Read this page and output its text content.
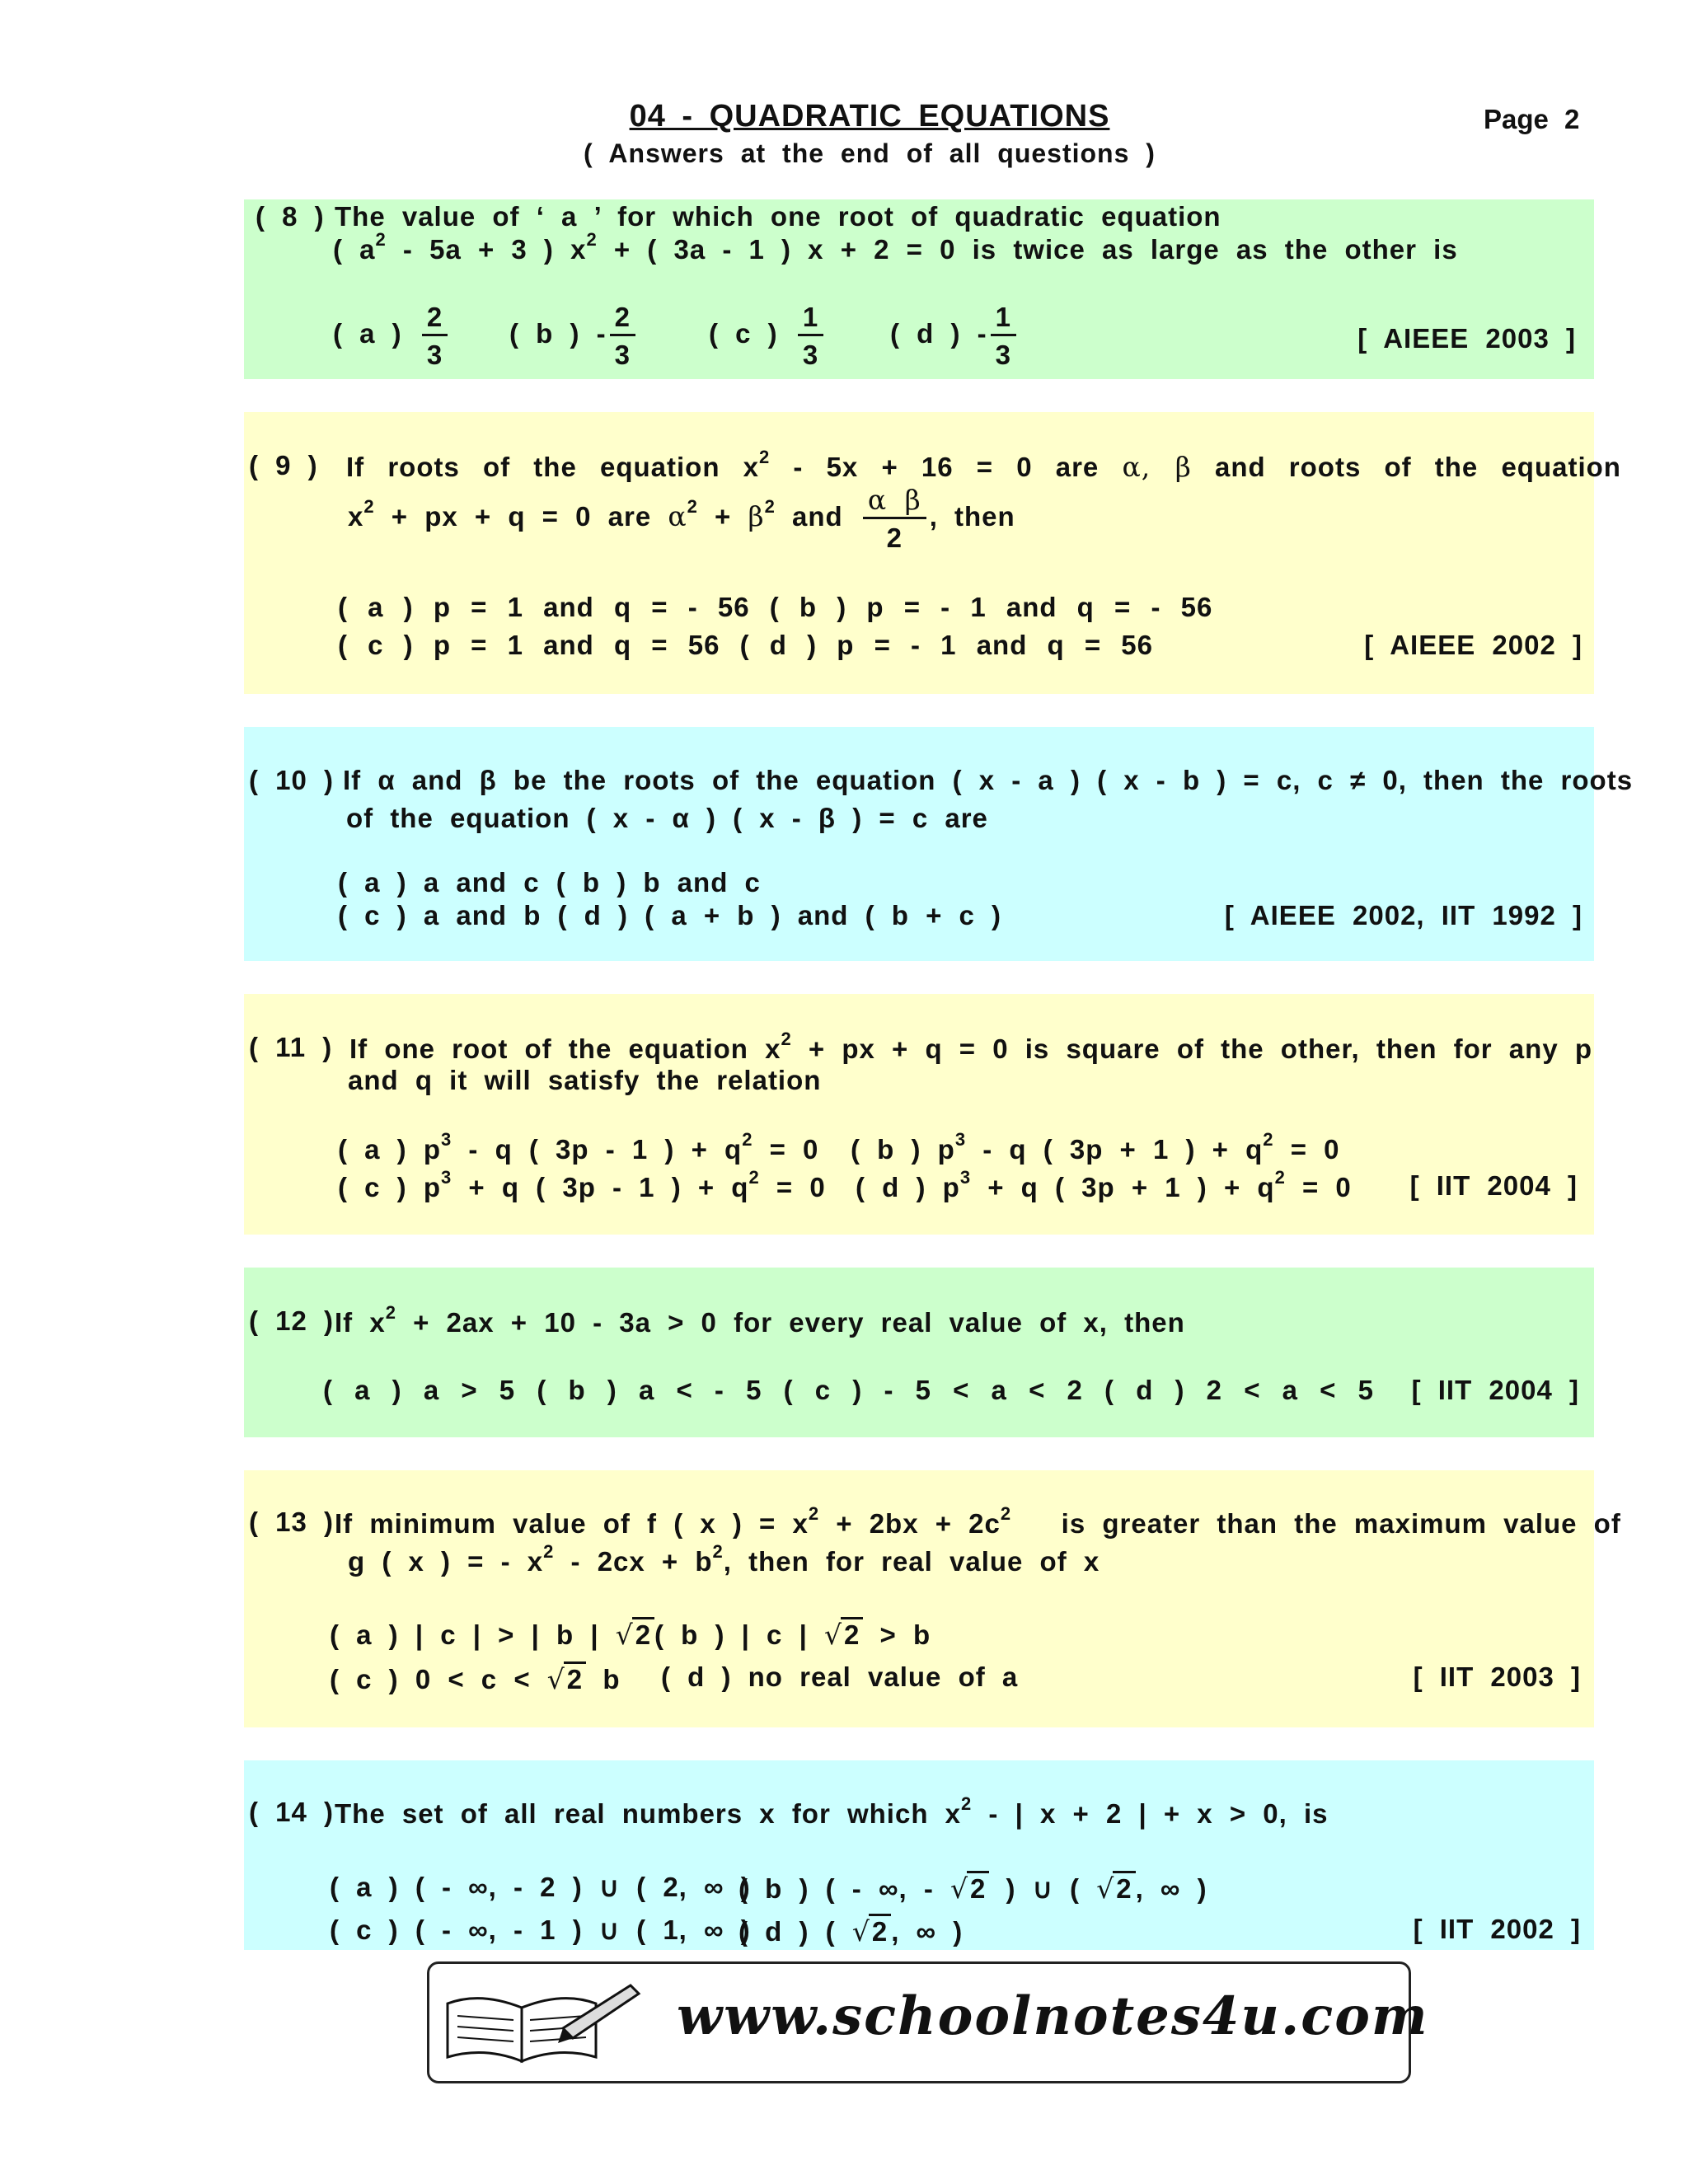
04 - QUADRATIC EQUATIONS
( Answers at the end of all questions )
Page 2
( 8 ) The value of ‘ a ’ for which one root of quadratic equation
( $a^2 - 5a + 3$ ) $x^2$ + ( 3a - 1 ) x + 2 = 0 is twice as large as the other is
( a ) $\frac{2}{3}$ ( b ) - $\frac{2}{3}$	( c ) $\frac{1}{3}$ ( d ) - $\frac{1}{3}$	[ AIEEE 2003 ]
( 9 ) If roots of the equation $x^2 - 5x + 16 = 0$ are α, β and roots of the equation
$x^2$ + px + q = 0 are $\alpha^2 + \beta^2$ and $\frac{\text{α β}}{2}$ , then
( a ) p = 1 and q = - 56 ( b ) p = - 1 and q = - 56
( c ) p = 1 and q = 56 ( d ) p = - 1 and q = 56	[ AIEEE 2002 ]
( 10 ) If α and β be the roots of the equation ( x - a ) ( x - b ) = c, c ≠ 0, then the roots
of the equation ( x - α ) ( x - β ) = c are
( a ) a and c ( b ) b and c
( c ) a and b ( d ) ( a + b ) and ( b + c )	[ AIEEE 2002, IIT 1992 ]
( 11 ) If one root of the equation $x^2$ + px + q = 0 is square of the other, then for any p
and q it will satisfy the relation
( a ) $p^3$ - q ( 3p - 1 ) + $q^2 = 0$ ( b ) $p^3$ - q ( 3p + 1 ) + $q^2 = 0$
( c ) $p^3 + q$ ( 3p - 1 ) + $q^2 = 0$ ( d ) $p^3 + q$ ( 3p + 1 ) + $q^2 = 0$ [ IIT 2004 ]
( 12 ) If $x^2 + 2ax + 10 - 3a > 0$ for every real value of x, then
( a ) a > 5 ( b ) a < - 5 ( c ) - 5 < a < 2 ( d ) 2 < a < 5 [ IIT 2004 ]
( 13 ) If minimum value of f ( x ) = $x^2 + 2bx + 2c^2$   is greater than the maximum value of
g ( x ) = - $x^2 - 2cx + b^2$, then for real value of x
( a ) | c | > | b | √2 ( b ) | c | √2 > b
( c ) 0 < c < √2 b ( d ) no real value of a	[ IIT 2003 ]
( 14 ) The set of all real numbers x for which $x^2$ - | x + 2 | + x > 0, is
( a ) ( - ∞, - 2 ) ∪ ( 2, ∞ )
( b ) ( - ∞, - √2 ) ∪ ( √2 , ∞ )
( c ) ( - ∞, - 1 ) ∪ ( 1, ∞ )
( d ) ( √2 , ∞ )	[ IIT 2002 ]
www.schoolnotes4u.com
